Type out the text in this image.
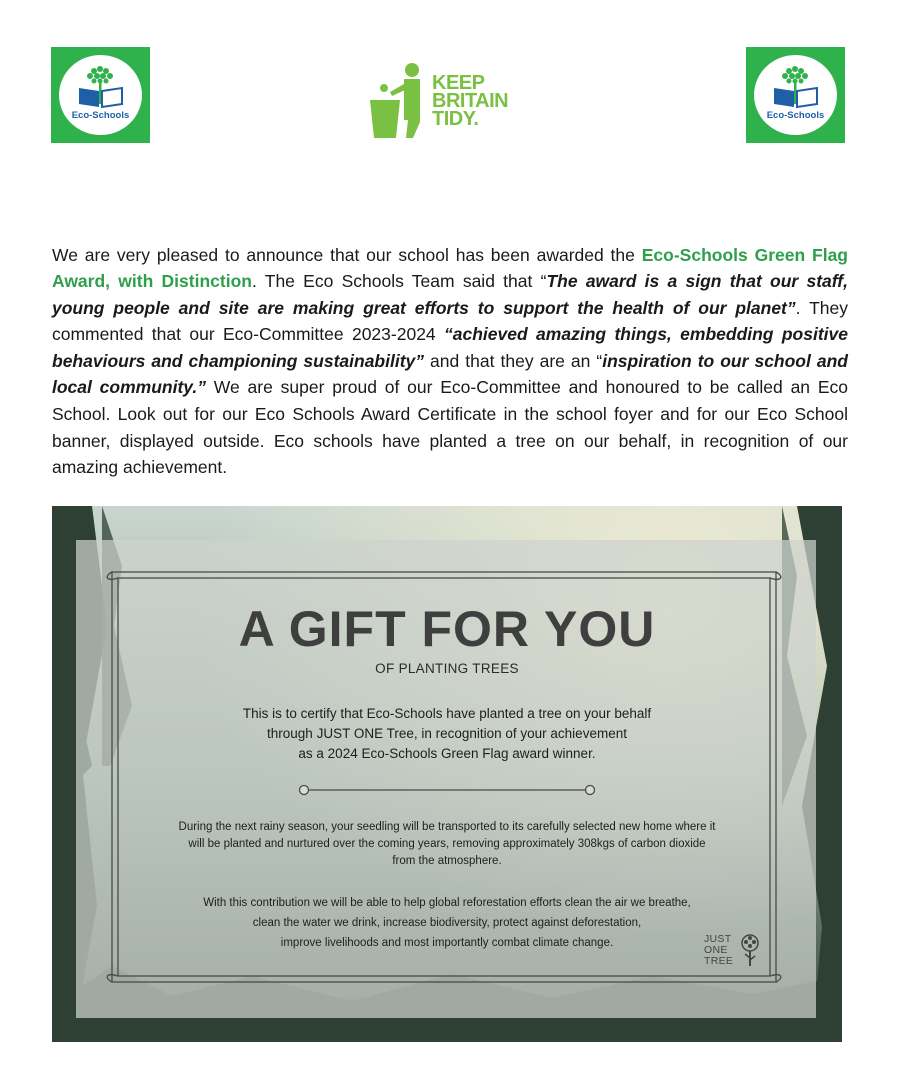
Eco-Schools
KEEP
BRITAIN
TIDY.	Eco-Schools

We are very pleased to announce that our school has been awarded the Eco-Schools Green Flag Award, with Distinction. The Eco Schools Team said that “The award is a sign that our staff, young people and site are making great efforts to support the health of our planet”. They commented that our Eco-Committee 2023-2024 “achieved amazing things, embedding positive behaviours and championing sustainability” and that they are an “inspiration to our school and local community.” We are super proud of our Eco-Committee and honoured to be called an Eco School. Look out for our Eco Schools Award Certificate in the school foyer and for our Eco School banner, displayed outside. Eco schools have planted a tree on our behalf, in recognition of our amazing achievement.

A GIFT FOR YOU
OF PLANTING TREES
This is to certify that Eco-Schools have planted a tree on your behalf
through JUST ONE Tree, in recognition of your achievement
as a 2024 Eco-Schools Green Flag award winner.
During the next rainy season, your seedling will be transported to its carefully selected new home where it
will be planted and nurtured over the coming years, removing approximately 308kgs of carbon dioxide
from the atmosphere.
With this contribution we will be able to help global reforestation efforts clean the air we breathe,
clean the water we drink, increase biodiversity, protect against deforestation,
improve livelihoods and most importantly combat climate change.	JUST
ONE
TREE
